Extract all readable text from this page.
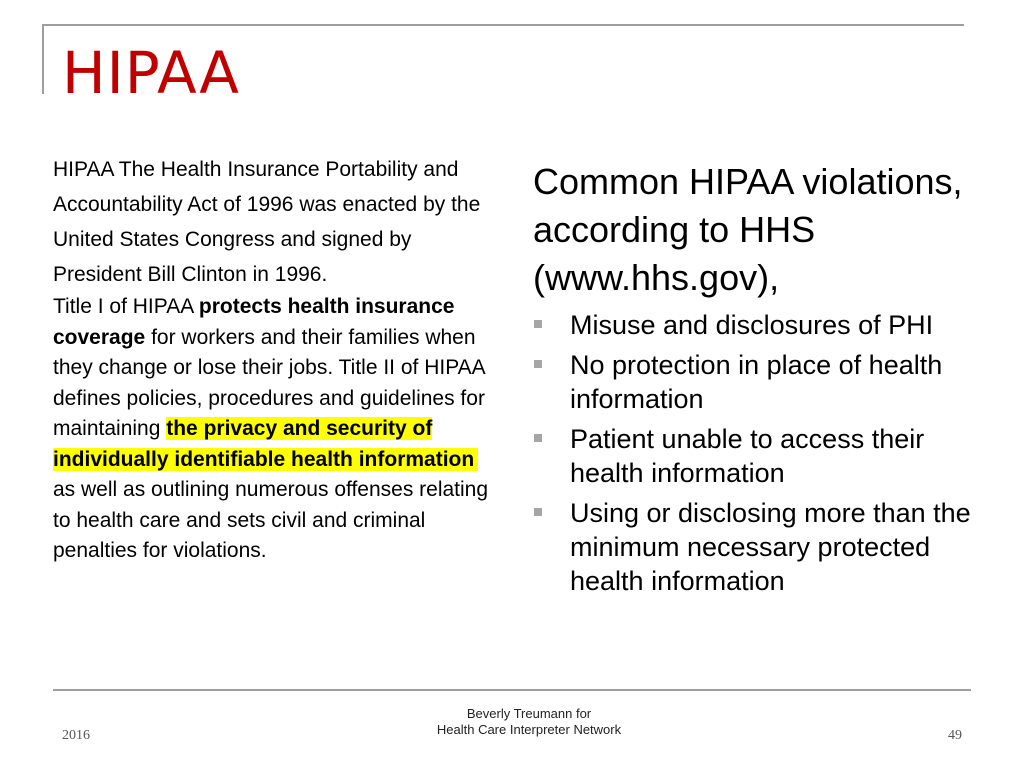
HIPAA

HIPAA The Health Insurance Portability and Accountability Act of 1996 was enacted by the United States Congress and signed by President Bill Clinton in 1996.

Title I of HIPAA protects health insurance coverage for workers and their families when they change or lose their jobs. Title II of HIPAA defines policies, procedures and guidelines for maintaining the privacy and security of individually identifiable health information as well as outlining numerous offenses relating to health care and sets civil and criminal penalties for violations.

Common HIPAA violations, according to HHS (www.hhs.gov),

Misuse and disclosures of PHI
No protection in place of health information
Patient unable to access their health information
Using or disclosing more than the minimum necessary protected health information
2016
Beverly Treumann for
Health Care Interpreter Network	49
